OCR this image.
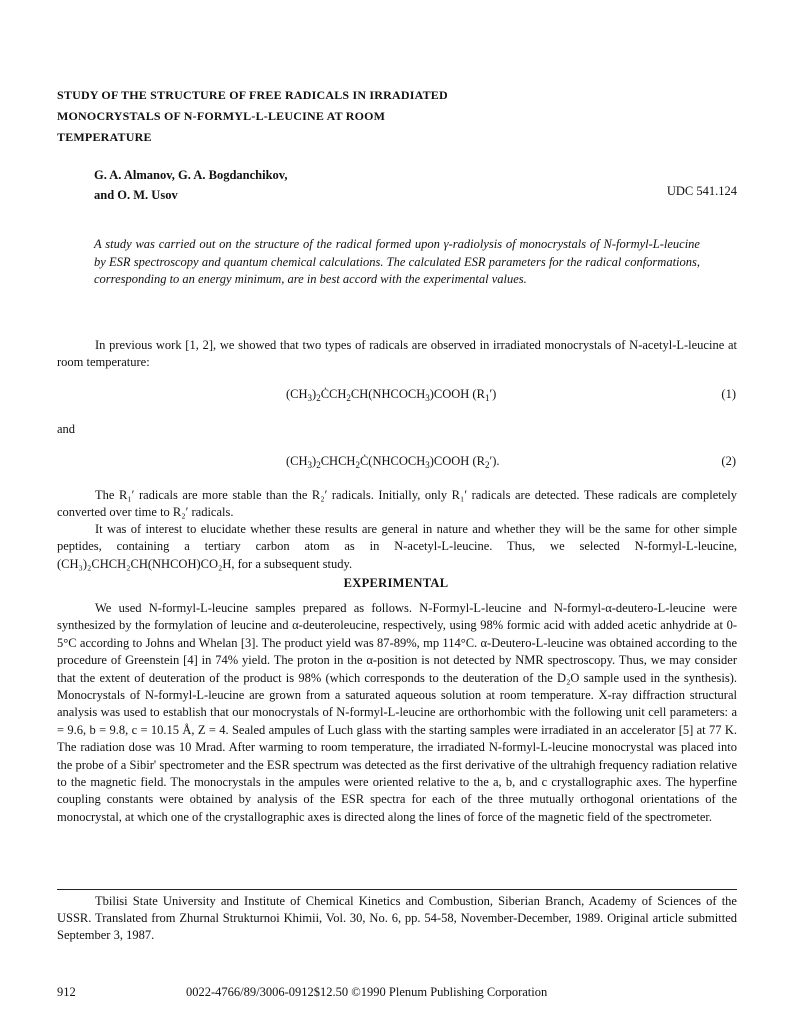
STUDY OF THE STRUCTURE OF FREE RADICALS IN IRRADIATED
MONOCRYSTALS OF N-FORMYL-L-LEUCINE AT ROOM
TEMPERATURE
G. A. Almanov, G. A. Bogdanchikov,
and O. M. Usov	UDC 541.124
A study was carried out on the structure of the radical formed upon γ-radiolysis of monocrystals of N-formyl-L-leucine by ESR spectroscopy and quantum chemical calculations. The calculated ESR parameters for the radical conformations, corresponding to an energy minimum, are in best accord with the experimental values.
In previous work [1, 2], we showed that two types of radicals are observed in irradiated monocrystals of N-acetyl-L-leucine at room temperature:
$(CH_3)_2ĊCH_2CH(NHCOCH_3)COOH$ $(R_1')$	(1)
and
$(CH_3)_2CHCH_2Ċ(NHCOCH_3)COOH$ $(R_2')$.	(2)
The R₁′ radicals are more stable than the R₂′ radicals. Initially, only R₁′ radicals are detected. These radicals are completely converted over time to R₂′ radicals.
It was of interest to elucidate whether these results are general in nature and whether they will be the same for other simple peptides, containing a tertiary carbon atom as in N-acetyl-L-leucine. Thus, we selected N-formyl-L-leucine, (CH₃)₂CHCH₂CH(NHCOH)CO₂H, for a subsequent study.
EXPERIMENTAL
We used N-formyl-L-leucine samples prepared as follows. N-Formyl-L-leucine and N-formyl-α-deutero-L-leucine were synthesized by the formylation of leucine and α-deuteroleucine, respectively, using 98% formic acid with added acetic anhydride at 0-5°C according to Johns and Whelan [3]. The product yield was 87-89%, mp 114°C. α-Deutero-L-leucine was obtained according to the procedure of Greenstein [4] in 74% yield. The proton in the α-position is not detected by NMR spectroscopy. Thus, we may consider that the extent of deuteration of the product is 98% (which corresponds to the deuteration of the D₂O sample used in the synthesis). Monocrystals of N-formyl-L-leucine are grown from a saturated aqueous solution at room temperature. X-ray diffraction structural analysis was used to establish that our monocrystals of N-formyl-L-leucine are orthorhombic with the following unit cell parameters: a = 9.6, b = 9.8, c = 10.15 Å, Z = 4. Sealed ampules of Luch glass with the starting samples were irradiated in an accelerator [5] at 77 K. The radiation dose was 10 Mrad. After warming to room temperature, the irradiated N-formyl-L-leucine monocrystal was placed into the probe of a Sibir' spectrometer and the ESR spectrum was detected as the first derivative of the ultrahigh frequency radiation relative to the magnetic field. The monocrystals in the ampules were oriented relative to the a, b, and c crystallographic axes. The hyperfine coupling constants were obtained by analysis of the ESR spectra for each of the three mutually orthogonal orientations of the monocrystal, at which one of the crystallographic axes is directed along the lines of force of the magnetic field of the spectrometer.
Tbilisi State University and Institute of Chemical Kinetics and Combustion, Siberian Branch, Academy of Sciences of the USSR. Translated from Zhurnal Strukturnoi Khimii, Vol. 30, No. 6, pp. 54-58, November-December, 1989. Original article submitted September 3, 1987.
912	0022-4766/89/3006-0912$12.50 ©1990 Plenum Publishing Corporation
